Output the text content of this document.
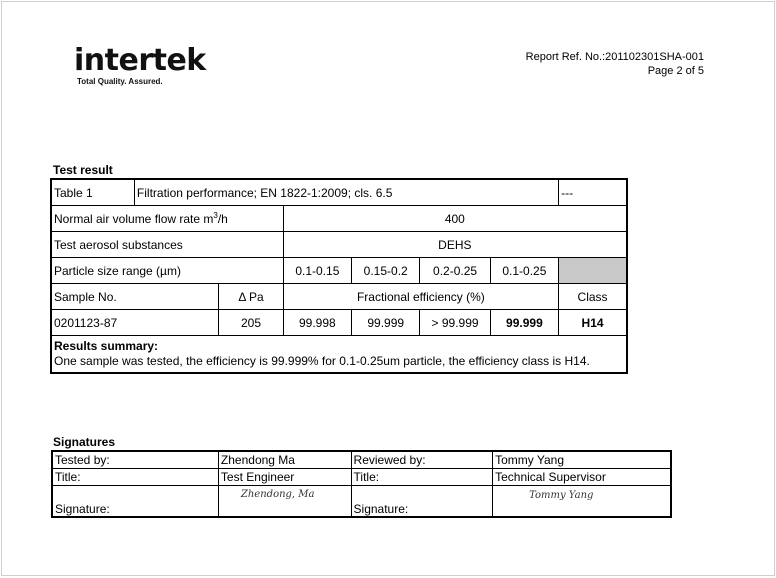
intertek
Total Quality. Assured.
Report Ref. No.:201102301SHA-001
Page 2 of 5
Test result
Table 1	Filtration performance; EN 1822-1:2009; cls. 6.5						---
Normal air volume flow rate $m^3/h$			400				
Test aerosol substances			DEHS				
Particle size range (µm)			0.1-0.15	0.15-0.2	0.2-0.25	0.1-0.25	
Sample No.		Δ Pa	Fractional efficiency (%)				Class
0201123-87		205	99.998	99.999	> 99.999	99.999	H14

Results summary:
One sample was tested, the efficiency is 99.999% for 0.1-0.25um particle, the efficiency class is H14.							
Signatures
Tested by:	Zhendong Ma	Reviewed by:	Tommy Yang
Title:	Test Engineer	Title:	Technical Supervisor
Signature:	Zhendong, Ma	Signature:	Tommy Yang
